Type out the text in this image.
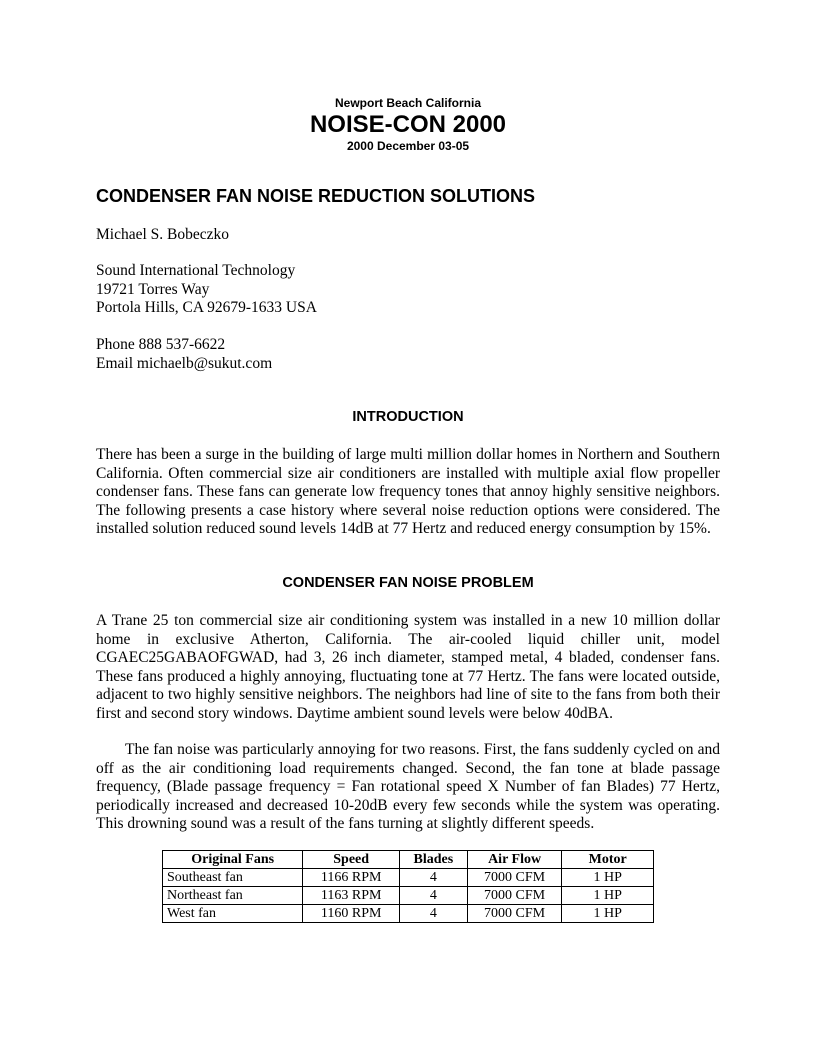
Newport Beach California
NOISE-CON 2000
2000 December 03-05
CONDENSER FAN NOISE REDUCTION SOLUTIONS
Michael S. Bobeczko
Sound International Technology
19721 Torres Way
Portola Hills, CA 92679-1633 USA
Phone 888 537-6622
Email michaelb@sukut.com
INTRODUCTION

There has been a surge in the building of large multi million dollar homes in Northern and Southern California. Often commercial size air conditioners are installed with multiple axial flow propeller condenser fans. These fans can generate low frequency tones that annoy highly sensitive neighbors. The following presents a case history where several noise reduction options were considered. The installed solution reduced sound levels 14dB at 77 Hertz and reduced energy consumption by 15%.

CONDENSER FAN NOISE PROBLEM

A Trane 25 ton commercial size air conditioning system was installed in a new 10 million dollar home in exclusive Atherton, California. The air-cooled liquid chiller unit, model CGAEC25GABAOFGWAD, had 3, 26 inch diameter, stamped metal, 4 bladed, condenser fans. These fans produced a highly annoying, fluctuating tone at 77 Hertz. The fans were located outside, adjacent to two highly sensitive neighbors. The neighbors had line of site to the fans from both their first and second story windows. Daytime ambient sound levels were below 40dBA.

The fan noise was particularly annoying for two reasons. First, the fans suddenly cycled on and off as the air conditioning load requirements changed. Second, the fan tone at blade passage frequency, (Blade passage frequency = Fan rotational speed X Number of fan Blades) 77 Hertz, periodically increased and decreased 10-20dB every few seconds while the system was operating. This drowning sound was a result of the fans turning at slightly different speeds.

Original Fans	Speed	Blades	Air Flow	Motor
Southeast fan	1166 RPM	4	7000 CFM	1 HP
Northeast fan	1163 RPM	4	7000 CFM	1 HP
West fan	1160 RPM	4	7000 CFM	1 HP
